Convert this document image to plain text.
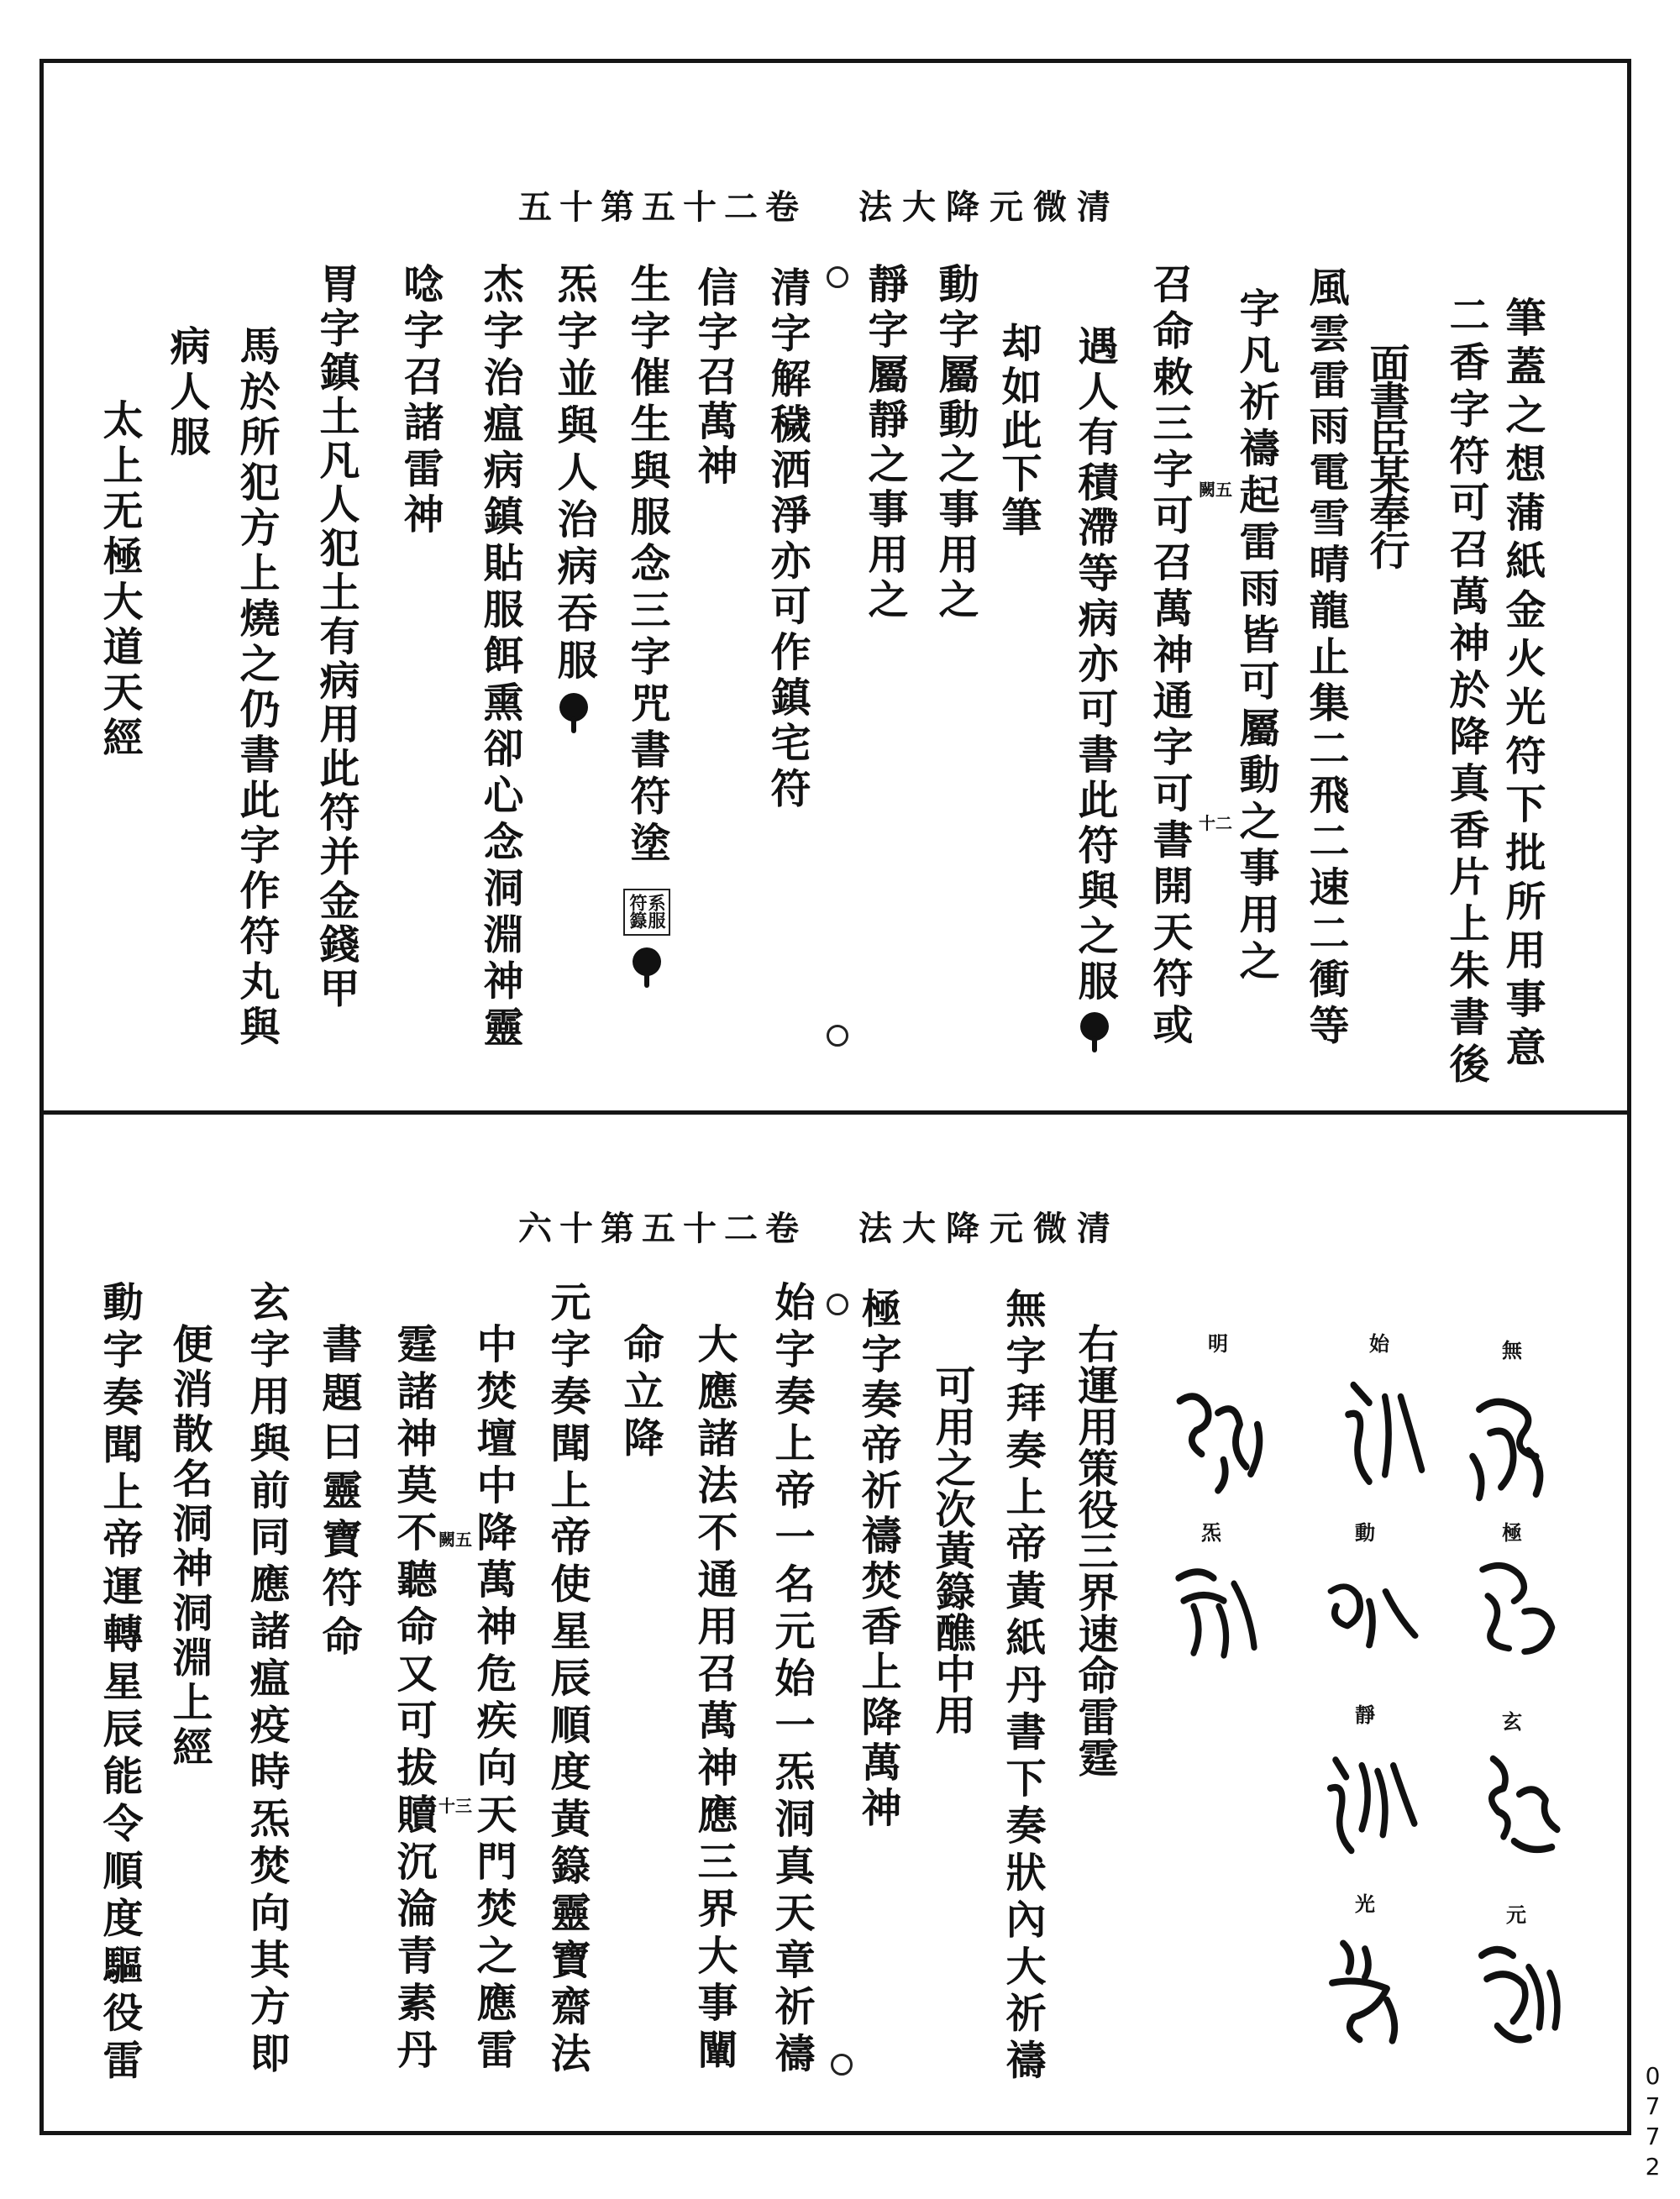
五十第五十二卷 法大降元微清
筆蓋之想蒲紙金火光符下批所用事意
二香字符可召萬神於降真香片上朱書後
面書臣某奉行
風雲雷雨電雪晴龍止集二飛二速二衝等
字凡祈禱起雷雨皆可屬動之事用之
召命敕三字可召萬神通字可書開天符或
遇人有積滯等病亦可書此符與之服
却如此下筆
動字屬動之事用之
靜字屬靜之事用之
清字解穢洒淨亦可作鎮宅符
信字召萬神
生字催生與服念三字咒書符塗
炁字並與人治病吞服
杰字治瘟病鎮貼服餌熏卻心念洞淵神靈
唸字召諸雷神
胃字鎮土凡人犯土有病用此符并金錢甲
馬於所犯方上燒之仍書此字作符丸與
病人服
太上无極大道天經	闕五
十二
系服符籙
六十第五十二卷 法大降元微清
無
始
明
極
動
炁
玄
靜
元
光
右運用策役三界速命雷霆
無字拜奏上帝黃紙丹書下奏狀內大祈禱
可用之次黃籙醮中用
極字奏帝祈禱焚香上降萬神
始字奏上帝一名元始一炁洞真天章祈禱
大應諸法不通用召萬神應三界大事闡
命立降
元字奏聞上帝使星辰順度黃籙靈寶齋法
中焚壇中降萬神危疾向天門焚之應雷
霆諸神莫不聽命又可拔贖沉淪青素丹
書題曰靈寶符命
玄字用與前同應諸瘟疫時炁焚向其方即
便消散名洞神洞淵上經
動字奏聞上帝運轉星辰能令順度驅役雷	闕五
十三
0772
